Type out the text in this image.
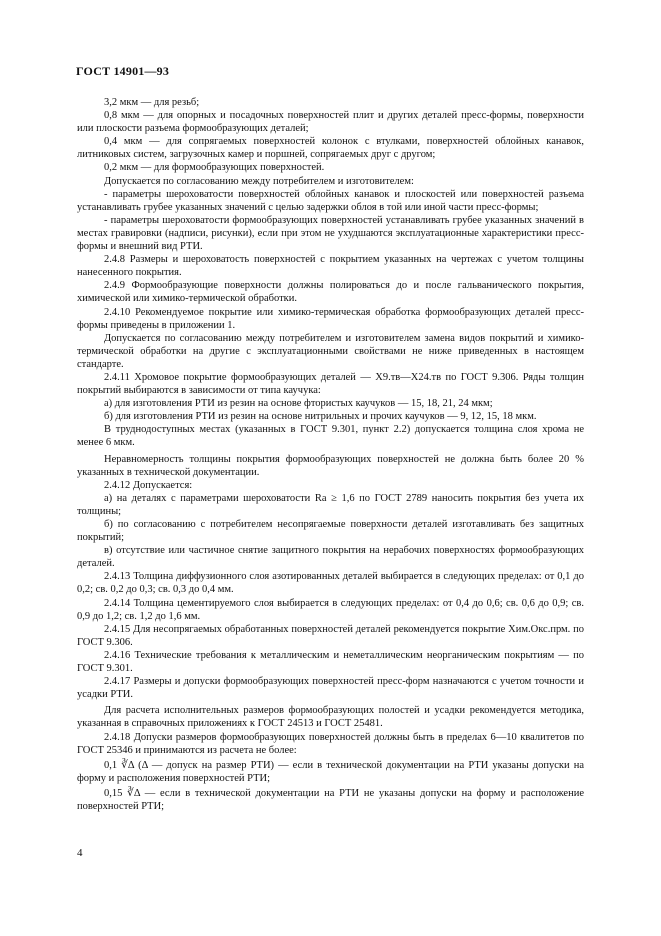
ГОСТ 14901—93

3,2 мкм — для резьб;

0,8 мкм — для опорных и посадочных поверхностей плит и других деталей пресс-формы, поверхности или плоскости разъема формообразующих деталей;

0,4 мкм — для сопрягаемых поверхностей колонок с втулками, поверхностей облойных канавок, литниковых систем, загрузочных камер и поршней, сопрягаемых друг с другом;

0,2 мкм — для формообразующих поверхностей.

Допускается по согласованию между потребителем и изготовителем:

- параметры шероховатости поверхностей облойных канавок и плоскостей или поверхностей разъема устанавливать грубее указанных значений с целью задержки облоя в той или иной части пресс-формы;

- параметры шероховатости формообразующих поверхностей устанавливать грубее указанных значений в местах гравировки (надписи, рисунки), если при этом не ухудшаются эксплуатационные характеристики пресс-формы и внешний вид РТИ.

2.4.8 Размеры и шероховатость поверхностей с покрытием указанных на чертежах с учетом толщины нанесенного покрытия.

2.4.9 Формообразующие поверхности должны полироваться до и после гальванического покрытия, химической или химико-термической обработки.

2.4.10 Рекомендуемое покрытие или химико-термическая обработка формообразующих деталей пресс-формы приведены в приложении 1.

Допускается по согласованию между потребителем и изготовителем замена видов покрытий и химико-термической обработки на другие с эксплуатационными свойствами не ниже приведенных в настоящем стандарте.

2.4.11 Хромовое покрытие формообразующих деталей — Х9.тв—Х24.тв по ГОСТ 9.306. Ряды толщин покрытий выбираются в зависимости от типа каучука:

а) для изготовления РТИ из резин на основе фтористых каучуков — 15, 18, 21, 24 мкм;

б) для изготовления РТИ из резин на основе нитрильных и прочих каучуков — 9, 12, 15, 18 мкм.

В труднодоступных местах (указанных в ГОСТ 9.301, пункт 2.2) допускается толщина слоя хрома не менее 6 мкм.

Неравномерность толщины покрытия формообразующих поверхностей не должна быть более 20 % указанных в технической документации.

2.4.12 Допускается:

а) на деталях с параметрами шероховатости Ra ≥ 1,6 по ГОСТ 2789 наносить покрытия без учета их толщины;

б) по согласованию с потребителем несопрягаемые поверхности деталей изготавливать без защитных покрытий;

в) отсутствие или частичное снятие защитного покрытия на нерабочих поверхностях формообразующих деталей.

2.4.13 Толщина диффузионного слоя азотированных деталей выбирается в следующих пределах: от 0,1 до 0,2; св. 0,2 до 0,3; св. 0,3 до 0,4 мм.

2.4.14 Толщина цементируемого слоя выбирается в следующих пределах: от 0,4 до 0,6; св. 0,6 до 0,9; св. 0,9 до 1,2; св. 1,2 до 1,6 мм.

2.4.15 Для несопрягаемых обработанных поверхностей деталей рекомендуется покрытие Хим.Окс.прм. по ГОСТ 9.306.

2.4.16 Технические требования к металлическим и неметаллическим неорганическим покрытиям — по ГОСТ 9.301.

2.4.17 Размеры и допуски формообразующих поверхностей пресс-форм назначаются с учетом точности и усадки РТИ.

Для расчета исполнительных размеров формообразующих полостей и усадки рекомендуется методика, указанная в справочных приложениях к ГОСТ 24513 и ГОСТ 25481.

2.4.18 Допуски размеров формообразующих поверхностей должны быть в пределах 6—10 квалитетов по ГОСТ 25346 и принимаются из расчета не более:

0,1 ∛Δ (Δ — допуск на размер РТИ) — если в технической документации на РТИ указаны допуски на форму и расположения поверхностей РТИ;

0,15 ∛Δ — если в технической документации на РТИ не указаны допуски на форму и расположение поверхностей РТИ;

4
